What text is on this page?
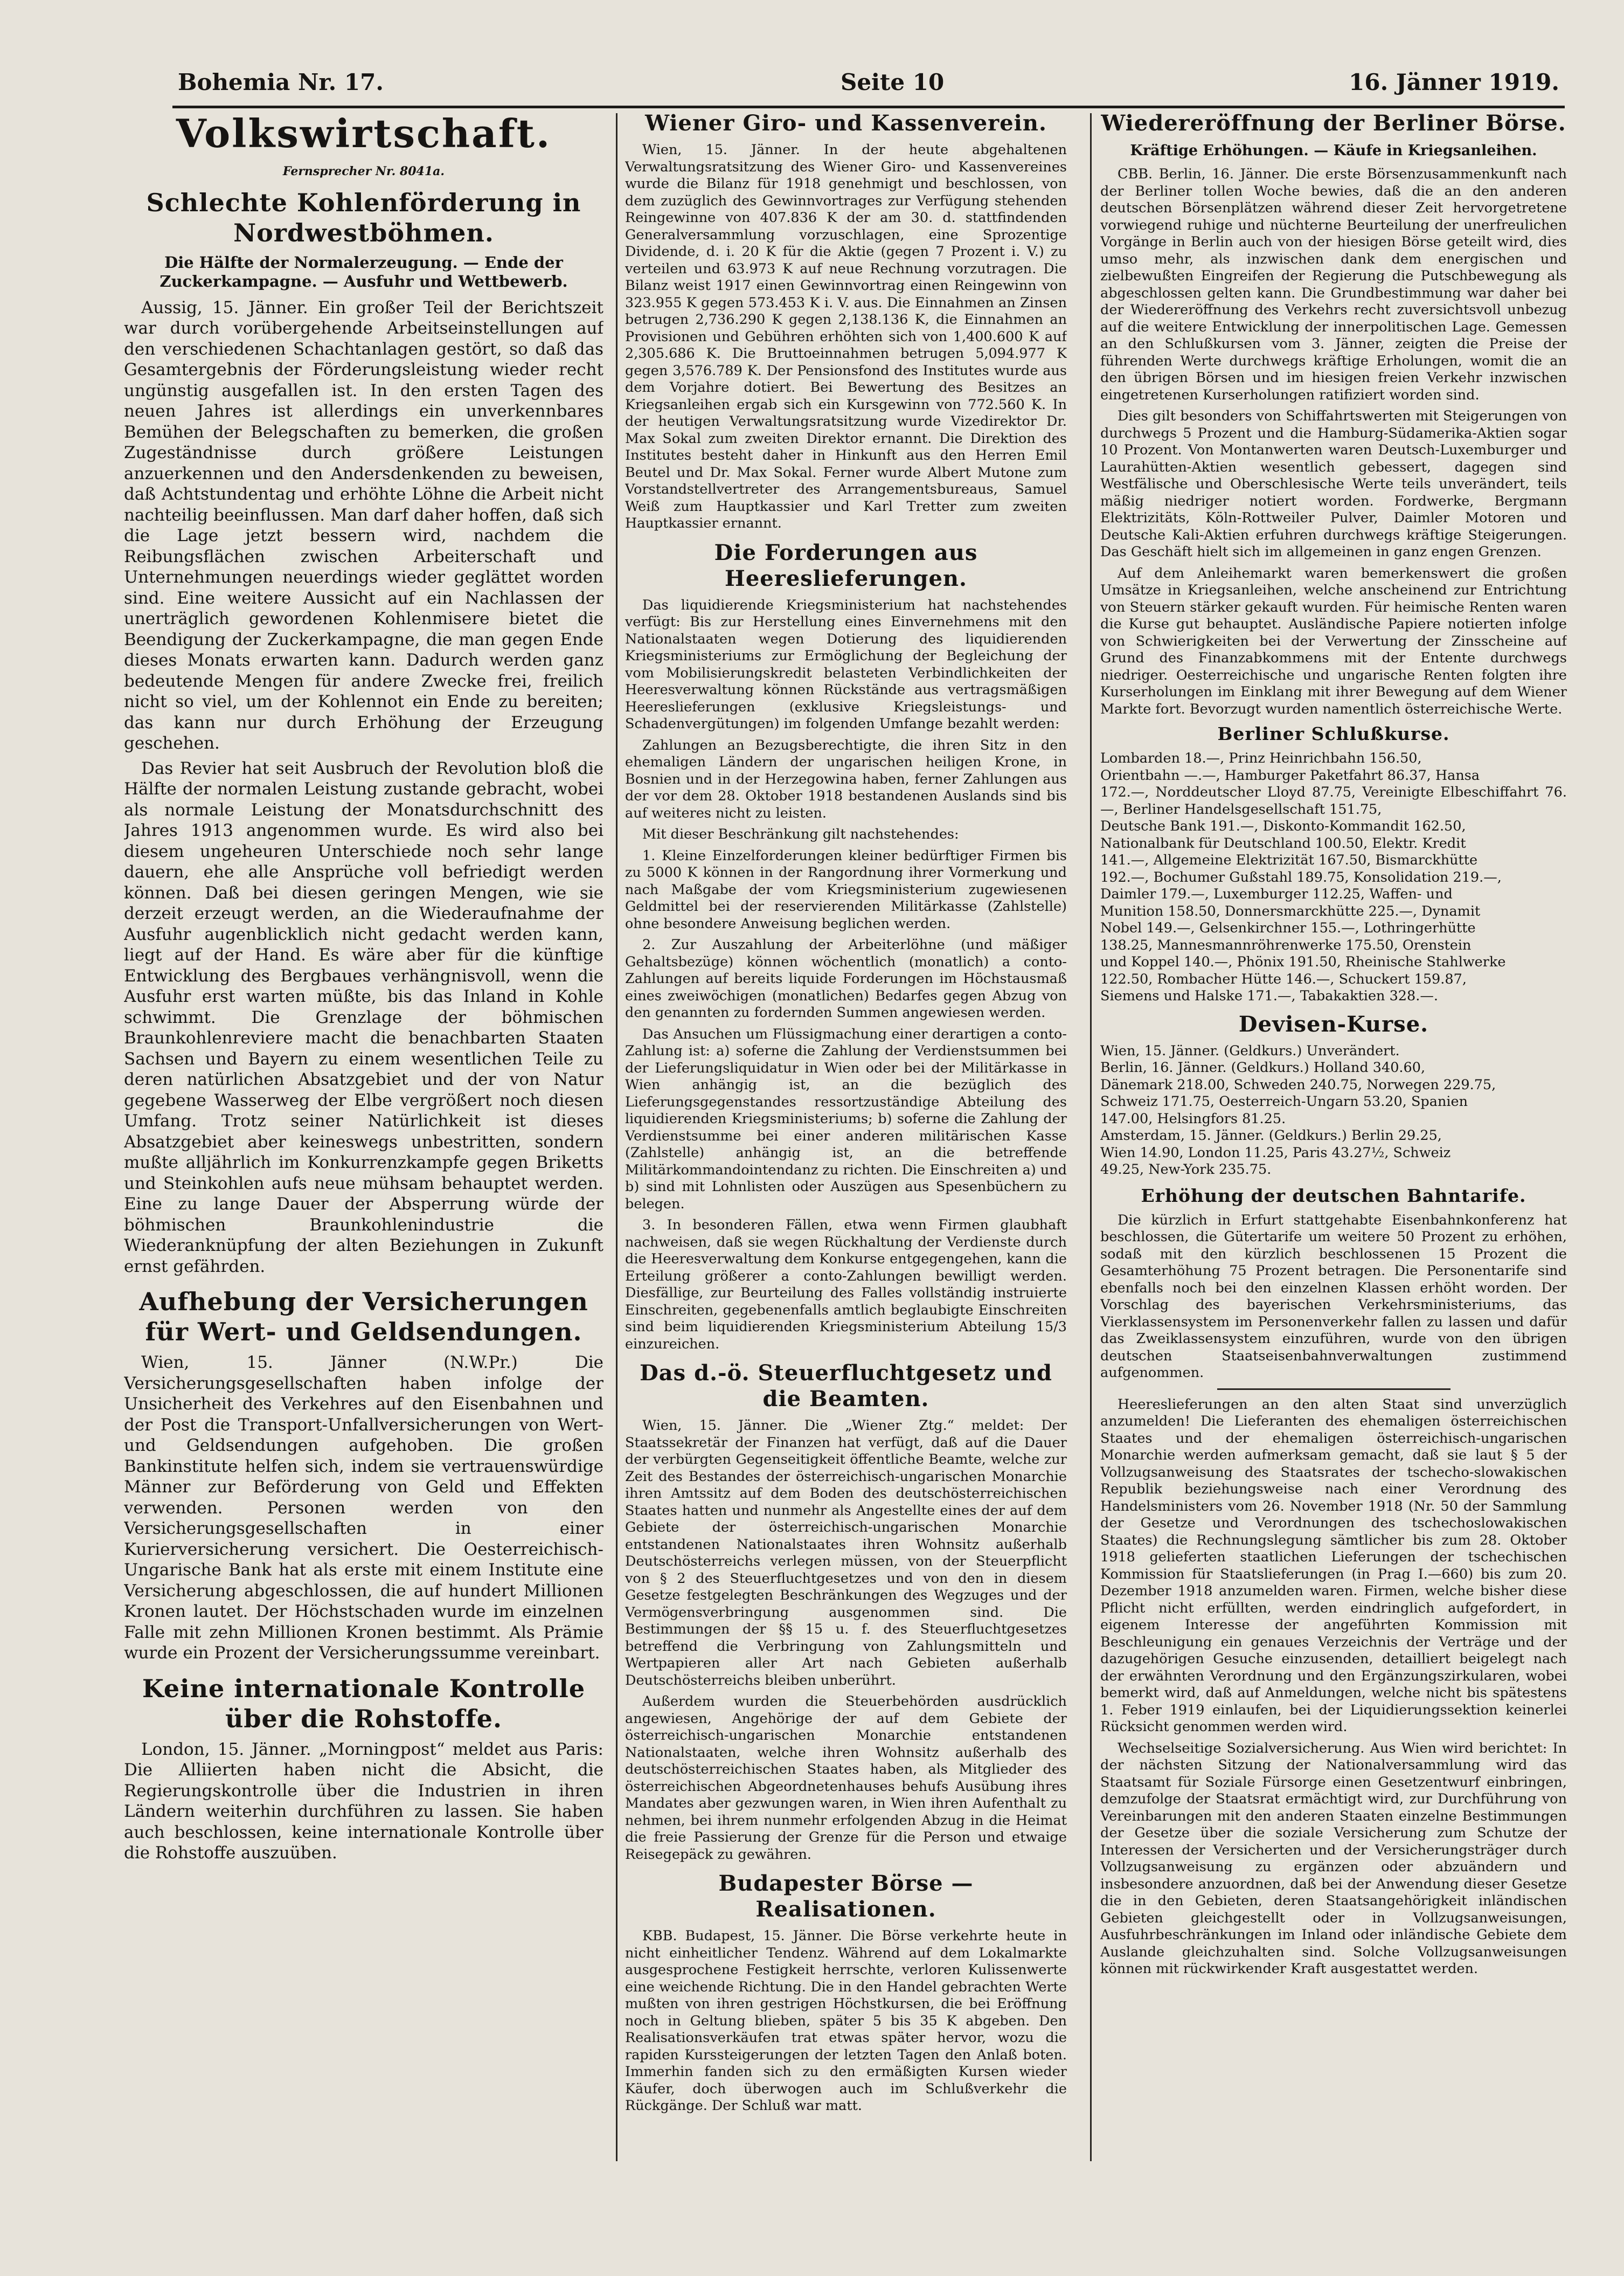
Bohemia Nr. 17.	Seite 10	16. Jänner 1919.
Volkswirtschaft.
Fernsprecher Nr. 8041a.
Schlechte Kohlenförderung in Nordwestböhmen.
Die Hälfte der Normalerzeugung. — Ende der Zuckerkampagne. — Ausfuhr und Wettbewerb.

Aussig, 15. Jänner. Ein großer Teil der Berichtszeit war durch vorübergehende Arbeitseinstellungen auf den verschiedenen Schachtanlagen gestört, so daß das Gesamtergebnis der Förderungsleistung wieder recht ungünstig ausgefallen ist. In den ersten Tagen des neuen Jahres ist allerdings ein unverkennbares Bemühen der Belegschaften zu bemerken, die großen Zugeständnisse durch größere Leistungen anzuerkennen und den Andersdenkenden zu beweisen, daß Achtstundentag und erhöhte Löhne die Arbeit nicht nachteilig beeinflussen. Man darf daher hoffen, daß sich die Lage jetzt bessern wird, nachdem die Reibungsflächen zwischen Arbeiterschaft und Unternehmungen neuerdings wieder geglättet worden sind. Eine weitere Aussicht auf ein Nachlassen der unerträglich gewordenen Kohlenmisere bietet die Beendigung der Zuckerkampagne, die man gegen Ende dieses Monats erwarten kann. Dadurch werden ganz bedeutende Mengen für andere Zwecke frei, freilich nicht so viel, um der Kohlennot ein Ende zu bereiten; das kann nur durch Erhöhung der Erzeugung geschehen.

Das Revier hat seit Ausbruch der Revolution bloß die Hälfte der normalen Leistung zustande gebracht, wobei als normale Leistung der Monatsdurchschnitt des Jahres 1913 angenommen wurde. Es wird also bei diesem ungeheuren Unterschiede noch sehr lange dauern, ehe alle Ansprüche voll befriedigt werden können. Daß bei diesen geringen Mengen, wie sie derzeit erzeugt werden, an die Wiederaufnahme der Ausfuhr augenblicklich nicht gedacht werden kann, liegt auf der Hand. Es wäre aber für die künftige Entwicklung des Bergbaues verhängnisvoll, wenn die Ausfuhr erst warten müßte, bis das Inland in Kohle schwimmt. Die Grenzlage der böhmischen Braunkohlenreviere macht die benachbarten Staaten Sachsen und Bayern zu einem wesentlichen Teile zu deren natürlichen Absatzgebiet und der von Natur gegebene Wasserweg der Elbe vergrößert noch diesen Umfang. Trotz seiner Natürlichkeit ist dieses Absatzgebiet aber keineswegs unbestritten, sondern mußte alljährlich im Konkurrenzkampfe gegen Briketts und Steinkohlen aufs neue mühsam behauptet werden. Eine zu lange Dauer der Absperrung würde der böhmischen Braunkohlenindustrie die Wiederanknüpfung der alten Beziehungen in Zukunft ernst gefährden.

Aufhebung der Versicherungen für Wert- und Geldsendungen.

Wien, 15. Jänner (N.W.Pr.) Die Versicherungsgesellschaften haben infolge der Unsicherheit des Verkehres auf den Eisenbahnen und der Post die Transport-Unfallversicherungen von Wert- und Geldsendungen aufgehoben. Die großen Bankinstitute helfen sich, indem sie vertrauenswürdige Männer zur Beförderung von Geld und Effekten verwenden. Personen werden von den Versicherungsgesellschaften in einer Kurierversicherung versichert. Die Oesterreichisch-Ungarische Bank hat als erste mit einem Institute eine Versicherung abgeschlossen, die auf hundert Millionen Kronen lautet. Der Höchstschaden wurde im einzelnen Falle mit zehn Millionen Kronen bestimmt. Als Prämie wurde ein Prozent der Versicherungssumme vereinbart.

Keine internationale Kontrolle über die Rohstoffe.

London, 15. Jänner. „Morningpost“ meldet aus Paris: Die Alliierten haben nicht die Absicht, die Regierungskontrolle über die Industrien in ihren Ländern weiterhin durchführen zu lassen. Sie haben auch beschlossen, keine internationale Kontrolle über die Rohstoffe auszuüben.

Wiener Giro- und Kassenverein.

Wien, 15. Jänner. In der heute abgehaltenen Verwaltungsratsitzung des Wiener Giro- und Kassenvereines wurde die Bilanz für 1918 genehmigt und beschlossen, von dem zuzüglich des Gewinnvortrages zur Verfügung stehenden Reingewinne von 407.836 K der am 30. d. stattfindenden Generalversammlung vorzuschlagen, eine Sprozentige Dividende, d. i. 20 K für die Aktie (gegen 7 Prozent i. V.) zu verteilen und 63.973 K auf neue Rechnung vorzutragen. Die Bilanz weist 1917 einen Gewinnvortrag einen Reingewinn von 323.955 K gegen 573.453 K i. V. aus. Die Einnahmen an Zinsen betrugen 2,736.290 K gegen 2,138.136 K, die Einnahmen an Provisionen und Gebühren erhöhten sich von 1,400.600 K auf 2,305.686 K. Die Bruttoeinnahmen betrugen 5,094.977 K gegen 3,576.789 K. Der Pensionsfond des Institutes wurde aus dem Vorjahre dotiert. Bei Bewertung des Besitzes an Kriegsanleihen ergab sich ein Kursgewinn von 772.560 K. In der heutigen Verwaltungsratsitzung wurde Vizedirektor Dr. Max Sokal zum zweiten Direktor ernannt. Die Direktion des Institutes besteht daher in Hinkunft aus den Herren Emil Beutel und Dr. Max Sokal. Ferner wurde Albert Mutone zum Vorstandstellvertreter des Arrangementsbureaus, Samuel Weiß zum Hauptkassier und Karl Tretter zum zweiten Hauptkassier ernannt.

Die Forderungen aus Heereslieferungen.

Das liquidierende Kriegsministerium hat nachstehendes verfügt: Bis zur Herstellung eines Einvernehmens mit den Nationalstaaten wegen Dotierung des liquidierenden Kriegsministeriums zur Ermöglichung der Begleichung der vom Mobilisierungskredit belasteten Verbindlichkeiten der Heeresverwaltung können Rückstände aus vertragsmäßigen Heereslieferungen (exklusive Kriegsleistungs- und Schadenvergütungen) im folgenden Umfange bezahlt werden:

Zahlungen an Bezugsberechtigte, die ihren Sitz in den ehemaligen Ländern der ungarischen heiligen Krone, in Bosnien und in der Herzegowina haben, ferner Zahlungen aus der vor dem 28. Oktober 1918 bestandenen Auslands sind bis auf weiteres nicht zu leisten.

Mit dieser Beschränkung gilt nachstehendes:

1. Kleine Einzelforderungen kleiner bedürftiger Firmen bis zu 5000 K können in der Rangordnung ihrer Vormerkung und nach Maßgabe der vom Kriegsministerium zugewiesenen Geldmittel bei der reservierenden Militärkasse (Zahlstelle) ohne besondere Anweisung beglichen werden.

2. Zur Auszahlung der Arbeiterlöhne (und mäßiger Gehaltsbezüge) können wöchentlich (monatlich) a conto-Zahlungen auf bereits liquide Forderungen im Höchstausmaß eines zweiwöchigen (monatlichen) Bedarfes gegen Abzug von den genannten zu fordernden Summen angewiesen werden.

Das Ansuchen um Flüssigmachung einer derartigen a conto-Zahlung ist: a) soferne die Zahlung der Verdienstsummen bei der Lieferungsliquidatur in Wien oder bei der Militärkasse in Wien anhängig ist, an die bezüglich des Lieferungsgegenstandes ressortzuständige Abteilung des liquidierenden Kriegsministeriums; b) soferne die Zahlung der Verdienstsumme bei einer anderen militärischen Kasse (Zahlstelle) anhängig ist, an die betreffende Militärkommandointendanz zu richten. Die Einschreiten a) und b) sind mit Lohnlisten oder Auszügen aus Spesenbüchern zu belegen.

3. In besonderen Fällen, etwa wenn Firmen glaubhaft nachweisen, daß sie wegen Rückhaltung der Verdienste durch die Heeresverwaltung dem Konkurse entgegengehen, kann die Erteilung größerer a conto-Zahlungen bewilligt werden. Diesfällige, zur Beurteilung des Falles vollständig instruierte Einschreiten, gegebenenfalls amtlich beglaubigte Einschreiten sind beim liquidierenden Kriegsministerium Abteilung 15/3 einzureichen.

Das d.-ö. Steuerfluchtgesetz und die Beamten.

Wien, 15. Jänner. Die „Wiener Ztg.“ meldet: Der Staatssekretär der Finanzen hat verfügt, daß auf die Dauer der verbürgten Gegenseitigkeit öffentliche Beamte, welche zur Zeit des Bestandes der österreichisch-ungarischen Monarchie ihren Amtssitz auf dem Boden des deutschösterreichischen Staates hatten und nunmehr als Angestellte eines der auf dem Gebiete der österreichisch-ungarischen Monarchie entstandenen Nationalstaates ihren Wohnsitz außerhalb Deutschösterreichs verlegen müssen, von der Steuerpflicht von § 2 des Steuerfluchtgesetzes und von den in diesem Gesetze festgelegten Beschränkungen des Wegzuges und der Vermögensverbringung ausgenommen sind. Die Bestimmungen der §§ 15 u. f. des Steuerfluchtgesetzes betreffend die Verbringung von Zahlungsmitteln und Wertpapieren aller Art nach Gebieten außerhalb Deutschösterreichs bleiben unberührt.

Außerdem wurden die Steuerbehörden ausdrücklich angewiesen, Angehörige der auf dem Gebiete der österreichisch-ungarischen Monarchie entstandenen Nationalstaaten, welche ihren Wohnsitz außerhalb des deutschösterreichischen Staates haben, als Mitglieder des österreichischen Abgeordnetenhauses behufs Ausübung ihres Mandates aber gezwungen waren, in Wien ihren Aufenthalt zu nehmen, bei ihrem nunmehr erfolgenden Abzug in die Heimat die freie Passierung der Grenze für die Person und etwaige Reisegepäck zu gewähren.

Budapester Börse — Realisationen.

KBB. Budapest, 15. Jänner. Die Börse verkehrte heute in nicht einheitlicher Tendenz. Während auf dem Lokalmarkte ausgesprochene Festigkeit herrschte, verloren Kulissenwerte eine weichende Richtung. Die in den Handel gebrachten Werte mußten von ihren gestrigen Höchstkursen, die bei Eröffnung noch in Geltung blieben, später 5 bis 35 K abgeben. Den Realisationsverkäufen trat etwas später hervor, wozu die rapiden Kurssteigerungen der letzten Tagen den Anlaß boten. Immerhin fanden sich zu den ermäßigten Kursen wieder Käufer, doch überwogen auch im Schlußverkehr die Rückgänge. Der Schluß war matt.

Wiedereröffnung der Berliner Börse.
Kräftige Erhöhungen. — Käufe in Kriegsanleihen.

CBB. Berlin, 16. Jänner. Die erste Börsenzusammenkunft nach der Berliner tollen Woche bewies, daß die an den anderen deutschen Börsenplätzen während dieser Zeit hervorgetretene vorwiegend ruhige und nüchterne Beurteilung der unerfreulichen Vorgänge in Berlin auch von der hiesigen Börse geteilt wird, dies umso mehr, als inzwischen dank dem energischen und zielbewußten Eingreifen der Regierung die Putschbewegung als abgeschlossen gelten kann. Die Grundbestimmung war daher bei der Wiedereröffnung des Verkehrs recht zuversichtsvoll unbezug auf die weitere Entwicklung der innerpolitischen Lage. Gemessen an den Schlußkursen vom 3. Jänner, zeigten die Preise der führenden Werte durchwegs kräftige Erholungen, womit die an den übrigen Börsen und im hiesigen freien Verkehr inzwischen eingetretenen Kurserholungen ratifiziert worden sind.

Dies gilt besonders von Schiffahrtswerten mit Steigerungen von durchwegs 5 Prozent und die Hamburg-Südamerika-Aktien sogar 10 Prozent. Von Montanwerten waren Deutsch-Luxemburger und Laurahütten-Aktien wesentlich gebessert, dagegen sind Westfälische und Oberschlesische Werte teils unverändert, teils mäßig niedriger notiert worden. Fordwerke, Bergmann Elektrizitäts, Köln-Rottweiler Pulver, Daimler Motoren und Deutsche Kali-Aktien erfuhren durchwegs kräftige Steigerungen. Das Geschäft hielt sich im allgemeinen in ganz engen Grenzen.

Auf dem Anleihemarkt waren bemerkenswert die großen Umsätze in Kriegsanleihen, welche anscheinend zur Entrichtung von Steuern stärker gekauft wurden. Für heimische Renten waren die Kurse gut behauptet. Ausländische Papiere notierten infolge von Schwierigkeiten bei der Verwertung der Zinsscheine auf Grund des Finanzabkommens mit der Entente durchwegs niedriger. Oesterreichische und ungarische Renten folgten ihre Kurserholungen im Einklang mit ihrer Bewegung auf dem Wiener Markte fort. Bevorzugt wurden namentlich österreichische Werte.

Berliner Schlußkurse.

Lombarden 18.—, Prinz Heinrichbahn 156.50,

Orientbahn —.—, Hamburger Paketfahrt 86.37, Hansa

172.—, Norddeutscher Lloyd 87.75, Vereinigte Elbeschiffahrt 76.—, Berliner Handelsgesellschaft 151.75,

Deutsche Bank 191.—, Diskonto-Kommandit 162.50,

Nationalbank für Deutschland 100.50, Elektr. Kredit

141.—, Allgemeine Elektrizität 167.50, Bismarckhütte

192.—, Bochumer Gußstahl 189.75, Konsolidation 219.—,

Daimler 179.—, Luxemburger 112.25, Waffen- und

Munition 158.50, Donnersmarckhütte 225.—, Dynamit

Nobel 149.—, Gelsenkirchner 155.—, Lothringerhütte

138.25, Mannesmannröhrenwerke 175.50, Orenstein

und Koppel 140.—, Phönix 191.50, Rheinische Stahlwerke

122.50, Rombacher Hütte 146.—, Schuckert 159.87,

Siemens und Halske 171.—, Tabakaktien 328.—.

Devisen-Kurse.

Wien, 15. Jänner. (Geldkurs.) Unverändert.

Berlin, 16. Jänner. (Geldkurs.) Holland 340.60,

Dänemark 218.00, Schweden 240.75, Norwegen 229.75,

Schweiz 171.75, Oesterreich-Ungarn 53.20, Spanien

147.00, Helsingfors 81.25.

Amsterdam, 15. Jänner. (Geldkurs.) Berlin 29.25,

Wien 14.90, London 11.25, Paris 43.27½, Schweiz

49.25, New-York 235.75.

Erhöhung der deutschen Bahntarife.

Die kürzlich in Erfurt stattgehabte Eisenbahnkonferenz hat beschlossen, die Gütertarife um weitere 50 Prozent zu erhöhen, sodaß mit den kürzlich beschlossenen 15 Prozent die Gesamterhöhung 75 Prozent betragen. Die Personentarife sind ebenfalls noch bei den einzelnen Klassen erhöht worden. Der Vorschlag des bayerischen Verkehrsministeriums, das Vierklassensystem im Personenverkehr fallen zu lassen und dafür das Zweiklassensystem einzuführen, wurde von den übrigen deutschen Staatseisenbahnverwaltungen zustimmend aufgenommen.

Heereslieferungen an den alten Staat sind unverzüglich anzumelden! Die Lieferanten des ehemaligen österreichischen Staates und der ehemaligen österreichisch-ungarischen Monarchie werden aufmerksam gemacht, daß sie laut § 5 der Vollzugsanweisung des Staatsrates der tschecho-slowakischen Republik beziehungsweise nach einer Verordnung des Handelsministers vom 26. November 1918 (Nr. 50 der Sammlung der Gesetze und Verordnungen des tschechoslowakischen Staates) die Rechnungslegung sämtlicher bis zum 28. Oktober 1918 gelieferten staatlichen Lieferungen der tschechischen Kommission für Staatslieferungen (in Prag I.—660) bis zum 20. Dezember 1918 anzumelden waren. Firmen, welche bisher diese Pflicht nicht erfüllten, werden eindringlich aufgefordert, in eigenem Interesse der angeführten Kommission mit Beschleunigung ein genaues Verzeichnis der Verträge und der dazugehörigen Gesuche einzusenden, detailliert beigelegt nach der erwähnten Verordnung und den Ergänzungszirkularen, wobei bemerkt wird, daß auf Anmeldungen, welche nicht bis spätestens 1. Feber 1919 einlaufen, bei der Liquidierungssektion keinerlei Rücksicht genommen werden wird.

Wechselseitige Sozialversicherung. Aus Wien wird berichtet: In der nächsten Sitzung der Nationalversammlung wird das Staatsamt für Soziale Fürsorge einen Gesetzentwurf einbringen, demzufolge der Staatsrat ermächtigt wird, zur Durchführung von Vereinbarungen mit den anderen Staaten einzelne Bestimmungen der Gesetze über die soziale Versicherung zum Schutze der Interessen der Versicherten und der Versicherungsträger durch Vollzugsanweisung zu ergänzen oder abzuändern und insbesondere anzuordnen, daß bei der Anwendung dieser Gesetze die in den Gebieten, deren Staatsangehörigkeit inländischen Gebieten gleichgestellt oder in Vollzugsanweisungen, Ausfuhrbeschränkungen im Inland oder inländische Gebiete dem Auslande gleichzuhalten sind. Solche Vollzugsanweisungen können mit rückwirkender Kraft ausgestattet werden.
